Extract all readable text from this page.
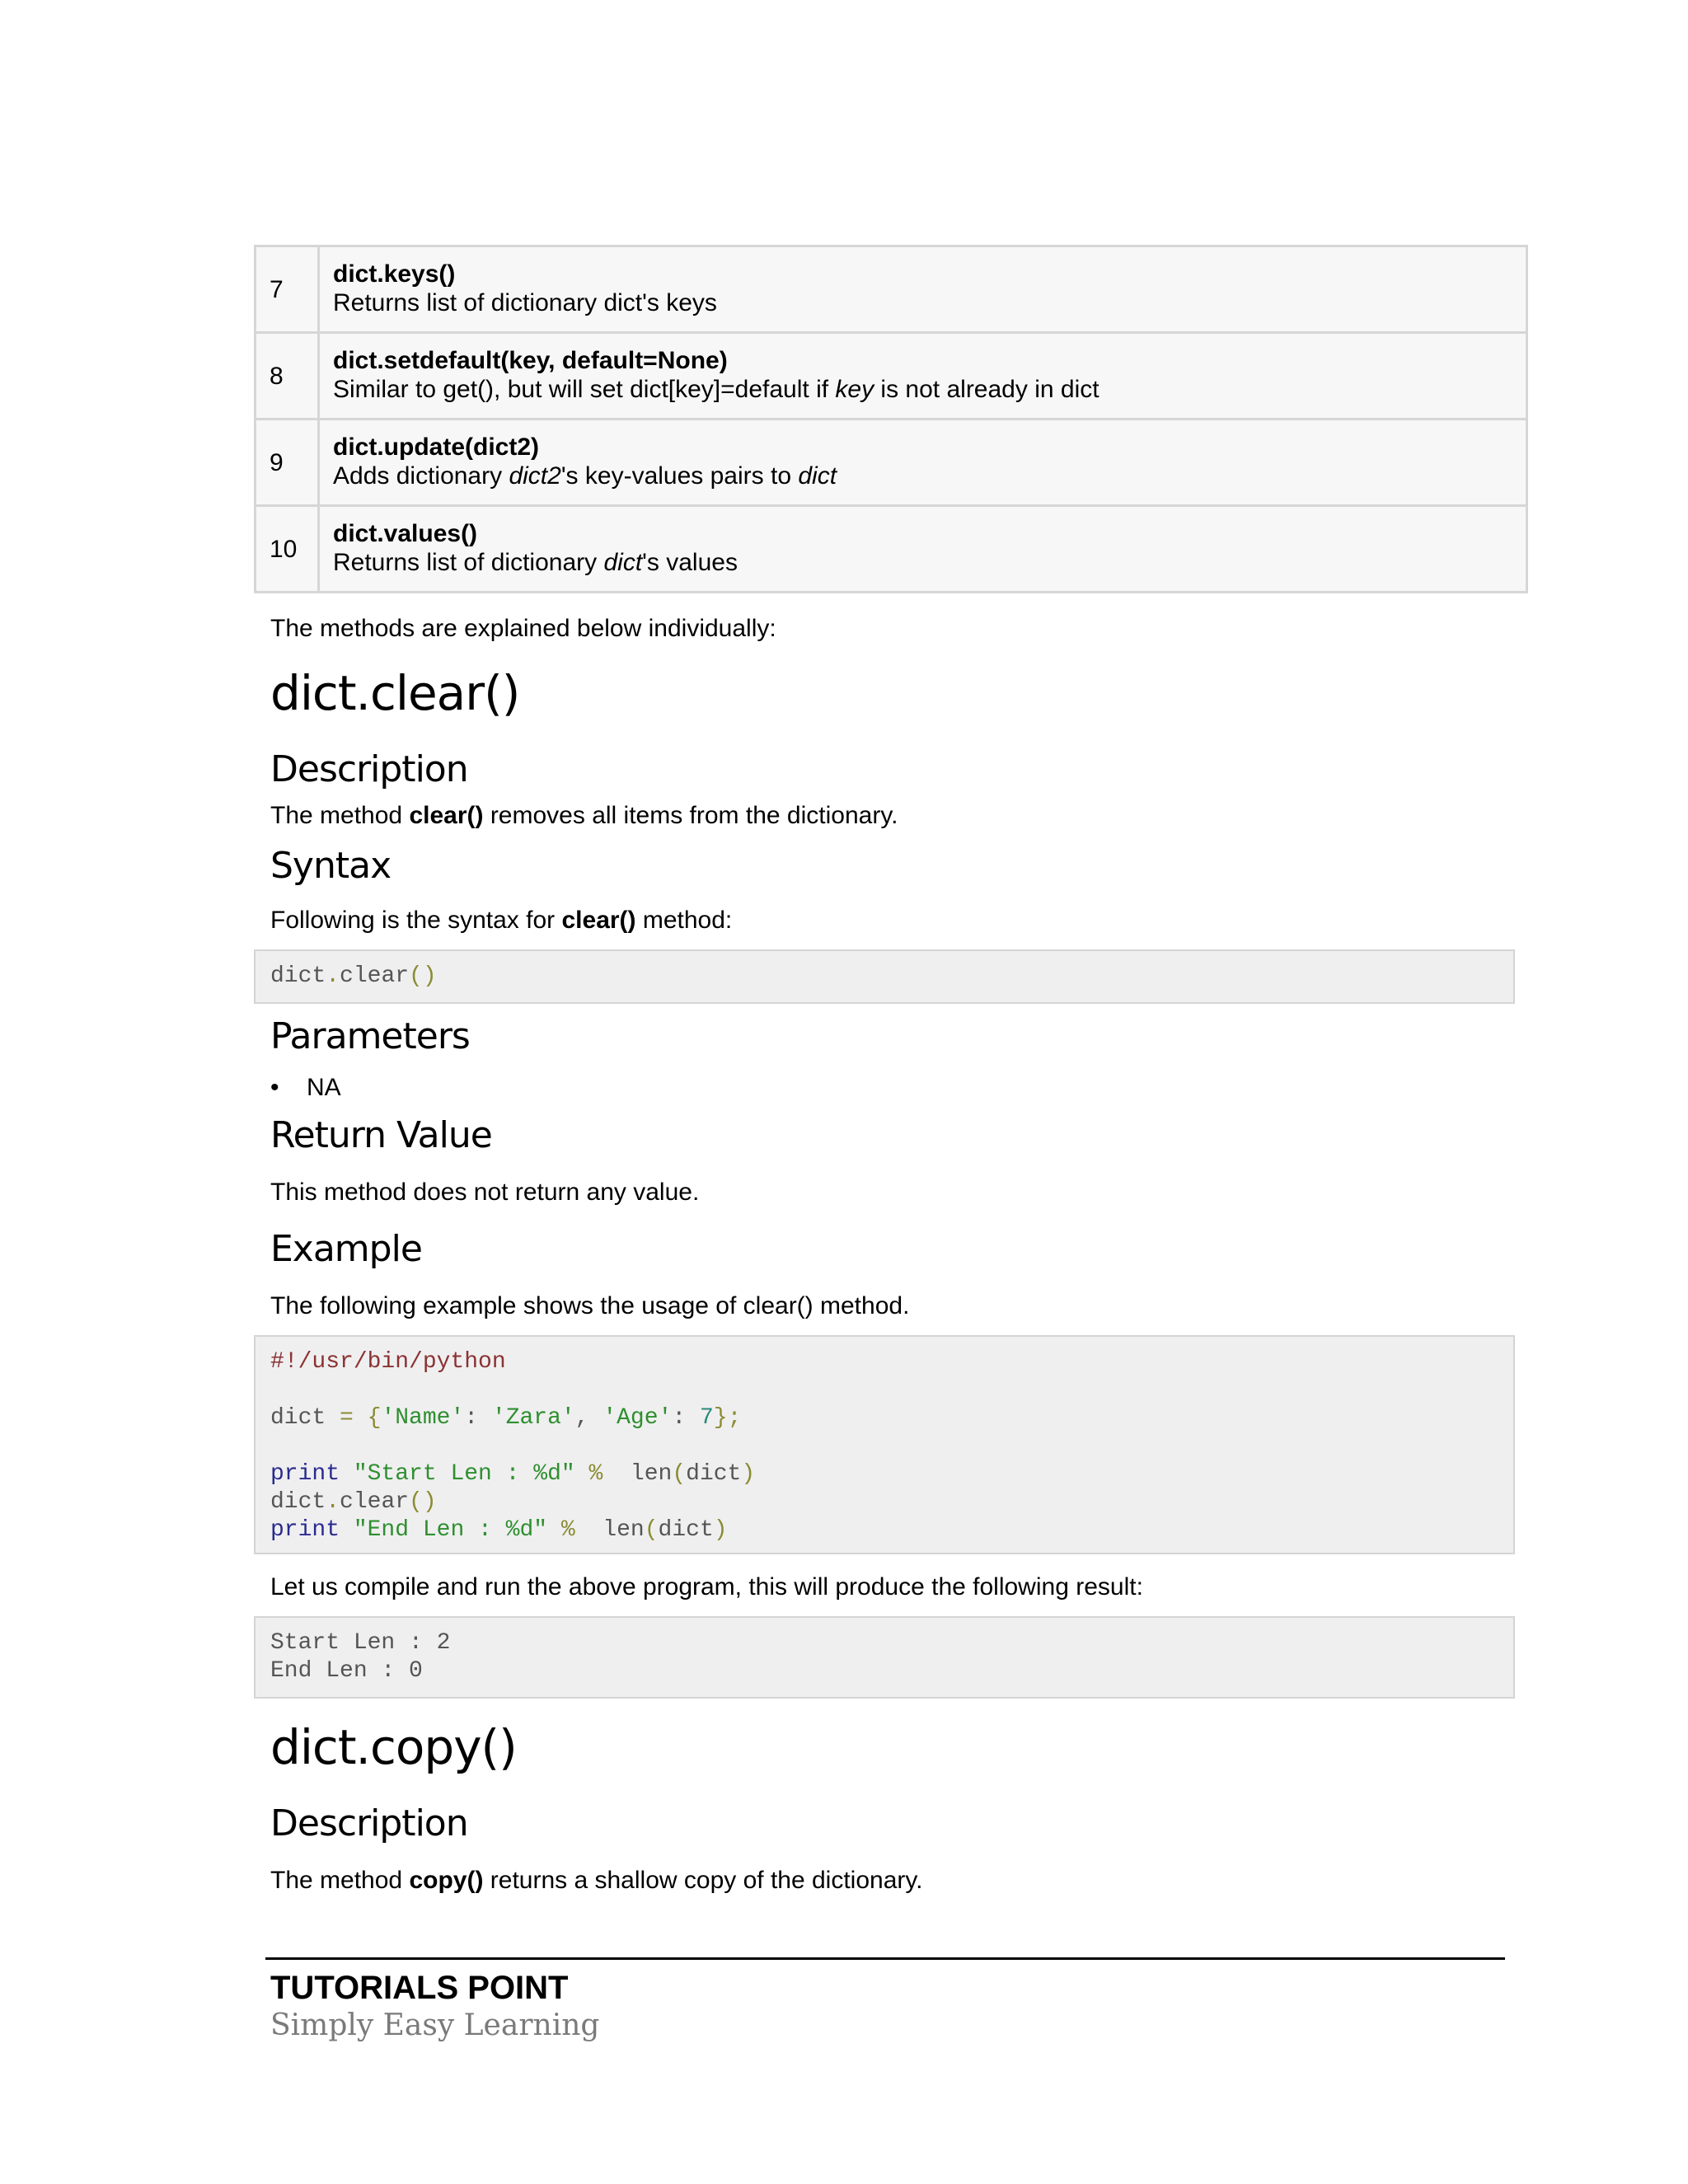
7	dict.keys()
Returns list of dictionary dict's keys

8	dict.setdefault(key, default=None)
Similar to get(), but will set dict[key]=default if key is not already in dict

9	dict.update(dict2)
Adds dictionary dict2's key-values pairs to dict

10	dict.values()
Returns list of dictionary dict's values
The methods are explained below individually:
dict.clear()
Description
The method clear() removes all items from the dictionary.
Syntax
Following is the syntax for clear() method:
dict.clear()
Parameters
• NA
Return Value
This method does not return any value.
Example
The following example shows the usage of clear() method.
#!/usr/bin/python

dict = {'Name': 'Zara', 'Age': 7};

print "Start Len : %d" % len(dict)
dict.clear()
print "End Len : %d" % len(dict)
Let us compile and run the above program, this will produce the following result:
Start Len : 2
End Len : 0
dict.copy()
Description
The method copy() returns a shallow copy of the dictionary.
TUTORIALS POINT
Simply Easy Learning
